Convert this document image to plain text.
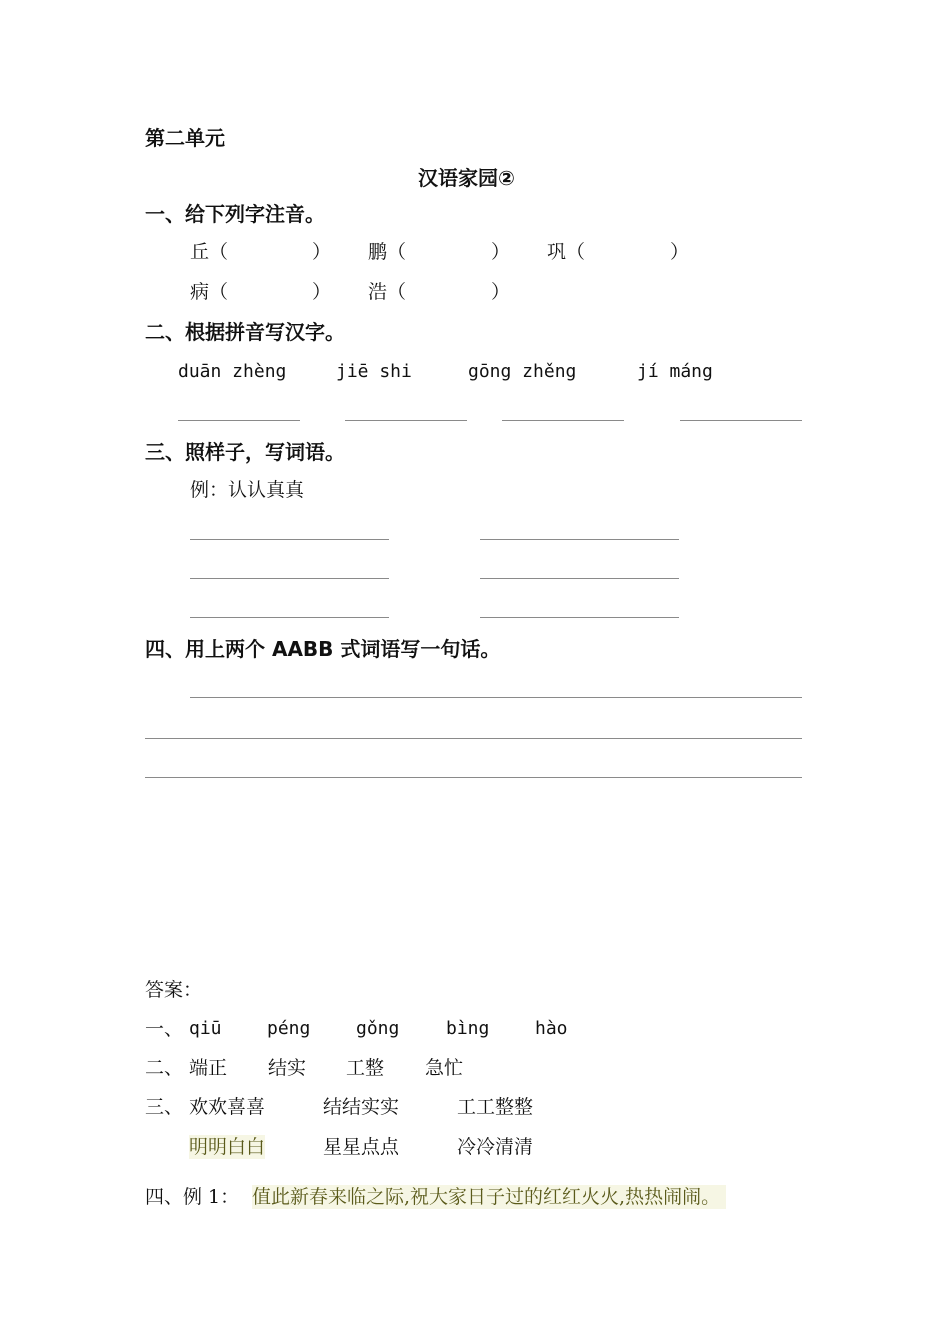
第二单元
汉语家园②
一、给下列字注音。
丘（	） 鹏（	） 巩（	）
病（	） 浩（	）
二、根据拼音写汉字。
duān zhèng	jiē shi	gōng zhěng	jí máng
三、照样子，写词语。
例：认认真真
四、用上两个 AABB 式词语写一句话。
答案：
一、 qiū	péng	gǒng	bìng	hào
二、 端正 结实 工整 急忙
三、 欢欢喜喜	结结实实	工工整整
明明白白	星星点点	冷冷清清
四、例 1： 值此新春来临之际,祝大家日子过的红红火火,热热闹闹。
